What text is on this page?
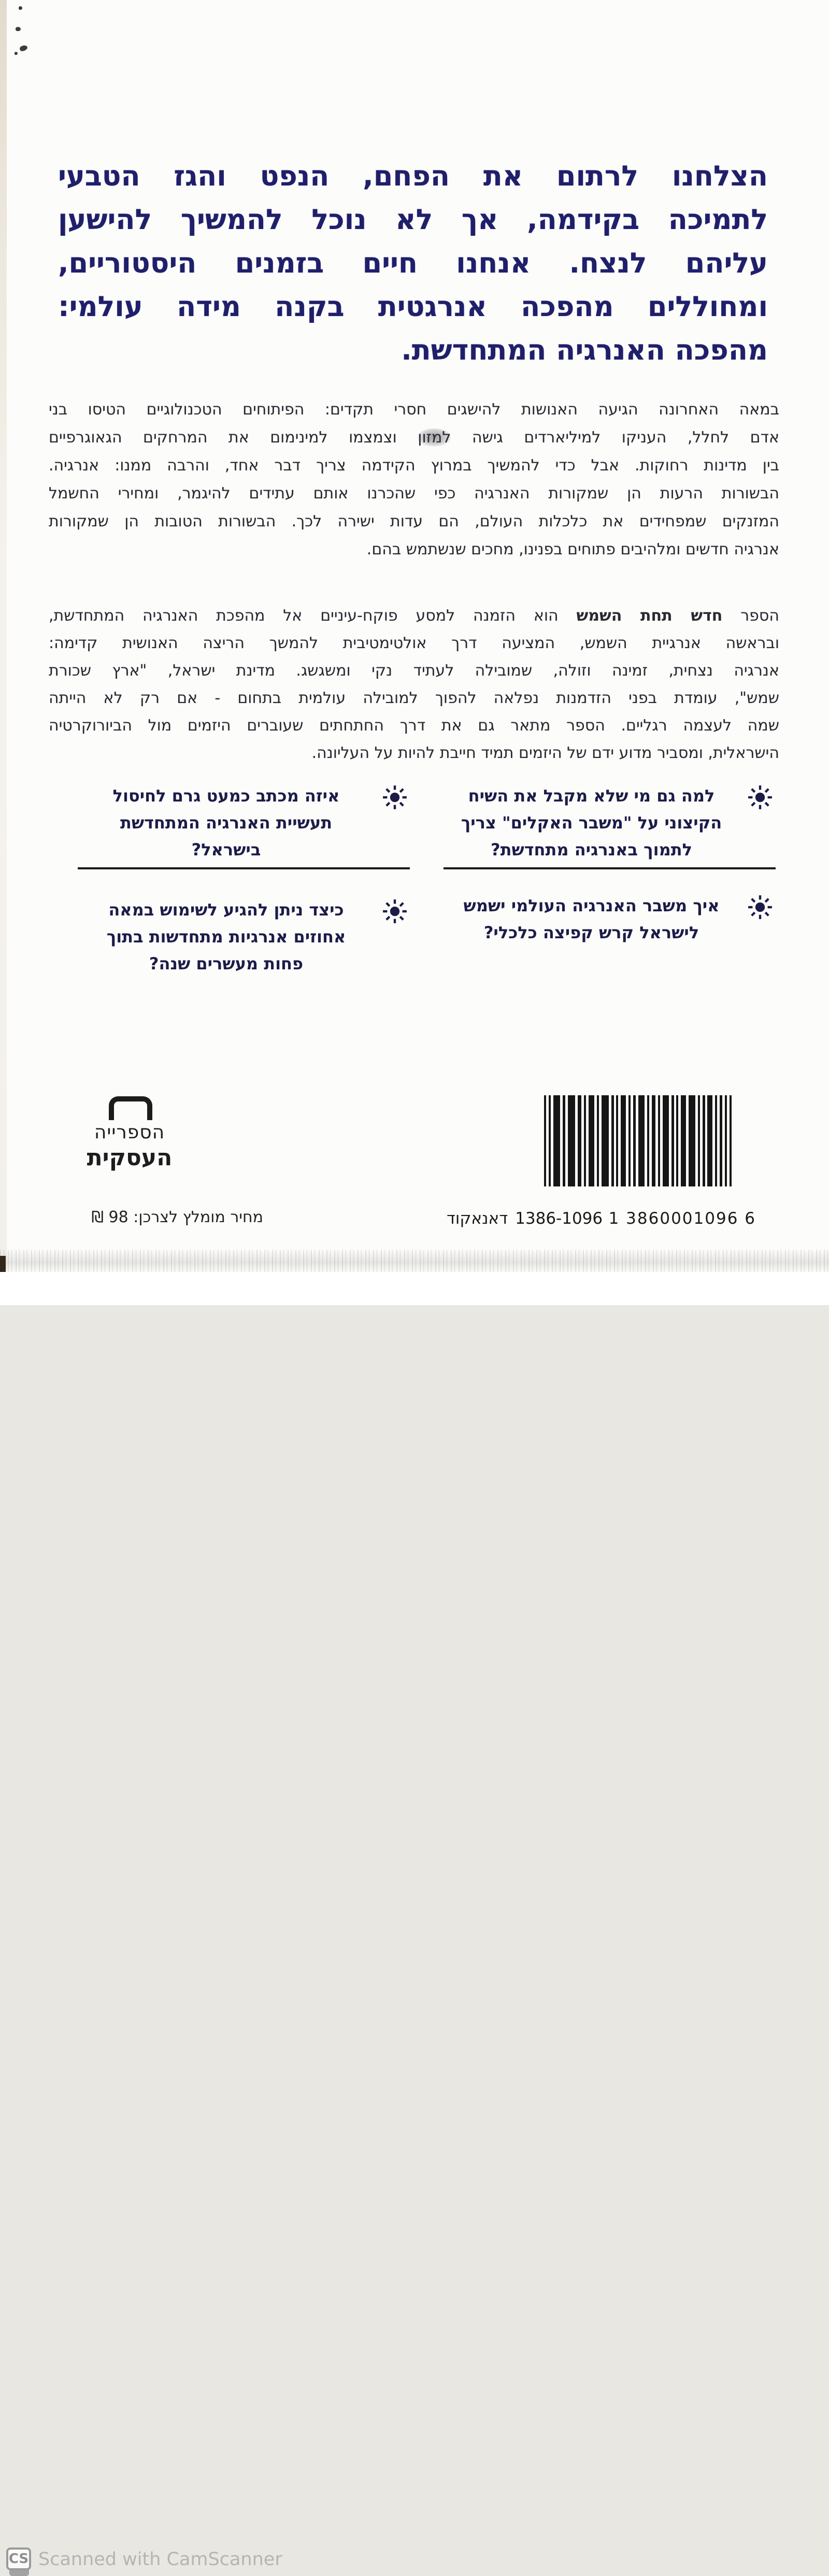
הצלחנו לרתום את הפחם, הנפט והגז הטבעי
לתמיכה בקידמה, אך לא נוכל להמשיך להישען
עליהם לנצח. אנחנו חיים בזמנים היסטוריים,
ומחוללים מהפכה אנרגטית בקנה מידה עולמי:
מהפכה האנרגיה המתחדשת.
במאה האחרונה הגיעה האנושות להישגים חסרי תקדים: הפיתוחים הטכנולוגיים הטיסו בני
אדם לחלל, העניקו למיליארדים גישה למזון וצמצמו למינימום את המרחקים הגאוגרפיים
בין מדינות רחוקות. אבל כדי להמשיך במרוץ הקידמה צריך דבר אחד, והרבה ממנו: אנרגיה.
הבשורות הרעות הן שמקורות האנרגיה כפי שהכרנו אותם עתידים להיגמר, ומחירי החשמל
המזנקים שמפחידים את כלכלות העולם, הם עדות ישירה לכך. הבשורות הטובות הן שמקורות
אנרגיה חדשים ומלהיבים פתוחים בפנינו, מחכים שנשתמש בהם.
הספר חדש תחת השמש הוא הזמנה למסע פוקח-עיניים אל מהפכת האנרגיה המתחדשת,
ובראשה אנרגיית השמש, המציעה דרך אולטימטיבית להמשך הריצה האנושית קדימה:
אנרגיה נצחית, זמינה וזולה, שמובילה לעתיד נקי ומשגשג. מדינת ישראל, "ארץ שכורת
שמש", עומדת בפני הזדמנות נפלאה להפוך למובילה עולמית בתחום - אם רק לא הייתה
שמה לעצמה רגליים. הספר מתאר גם את דרך החתחתים שעוברים היזמים מול הביורוקרטיה
הישראלית, ומסביר מדוע ידם של היזמים תמיד חייבת להיות על העליונה.
למה גם מי שלא מקבל את השיח
הקיצוני על "משבר האקלים" צריך
לתמוך באנרגיה מתחדשת?
איך משבר האנרגיה העולמי ישמש
לישראל קרש קפיצה כלכלי?
איזה מכתב כמעט גרם לחיסול
תעשיית האנרגיה המתחדשת
בישראל?
כיצד ניתן להגיע לשימוש במאה
אחוזים אנרגיות מתחדשות בתוך
פחות מעשרים שנה?
הספרייה
העסקית
מחיר מומלץ לצרכן: 98 ₪	1386-1096
דאנאקוד	1 3860001096 6
CS Scanned with CamScanner
